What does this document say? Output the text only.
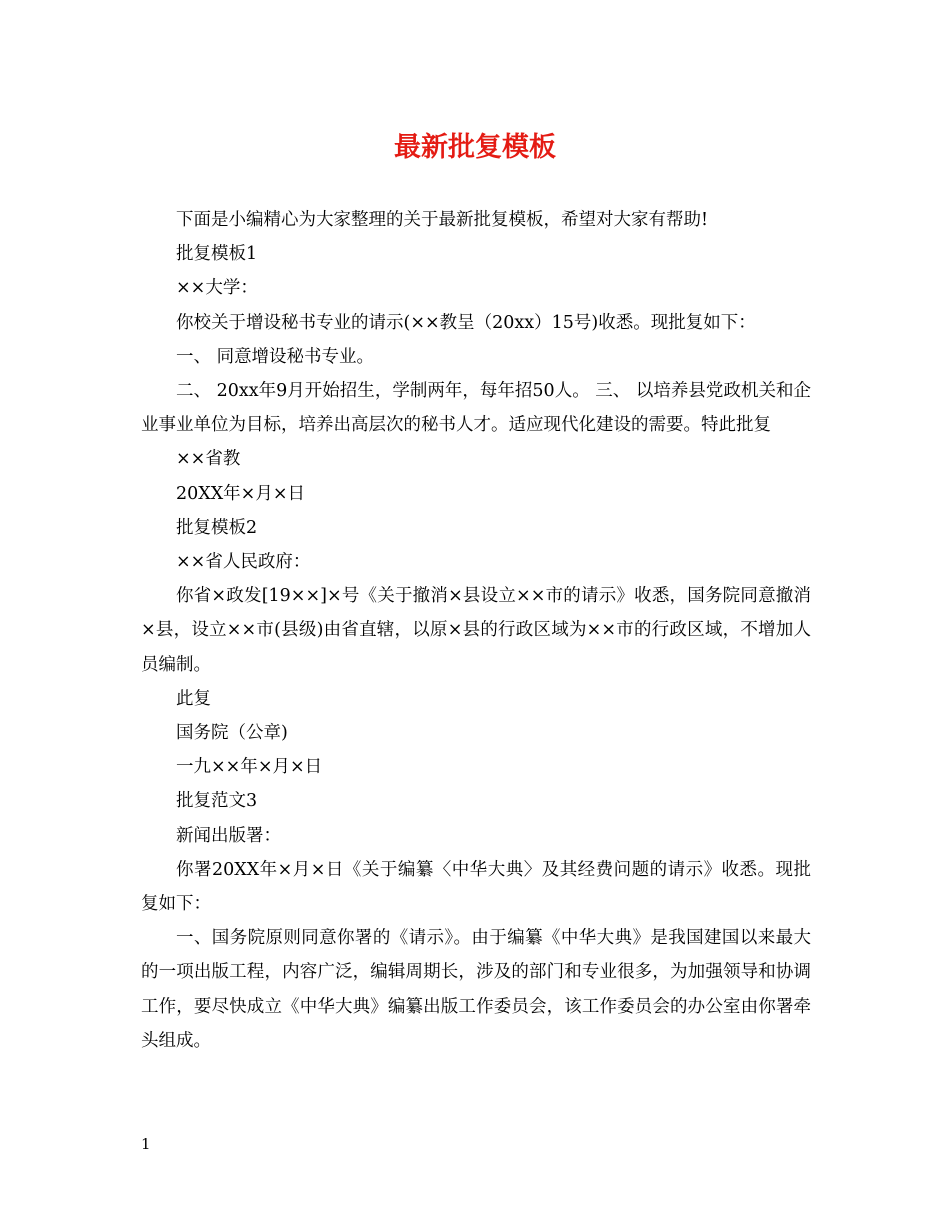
最新批复模板

下面是小编精心为大家整理的关于最新批复模板，希望对大家有帮助!

批复模板1

××大学：

你校关于增设秘书专业的请示(××教呈（20xx）15号)收悉。现批复如下：

一、 同意增设秘书专业。

二、 20xx年9月开始招生，学制两年，每年招50人。 三、 以培养县党政机关和企业事业单位为目标，培养出高层次的秘书人才。适应现代化建设的需要。特此批复

××省教

20XX年×月×日

批复模板2

××省人民政府：

你省×政发[19××]×号《关于撤消×县设立××市的请示》收悉，国务院同意撤消×县，设立××市(县级)由省直辖，以原×县的行政区域为××市的行政区域，不增加人员编制。

此复

国务院（公章)

一九××年×月×日

批复范文3

新闻出版署：

你署20XX年×月×日《关于编纂〈中华大典〉及其经费问题的请示》收悉。现批复如下：

一、国务院原则同意你署的《请示》。由于编纂《中华大典》是我国建国以来最大的一项出版工程，内容广泛，编辑周期长，涉及的部门和专业很多，为加强领导和协调工作，要尽快成立《中华大典》编纂出版工作委员会，该工作委员会的办公室由你署牵头组成。

1
